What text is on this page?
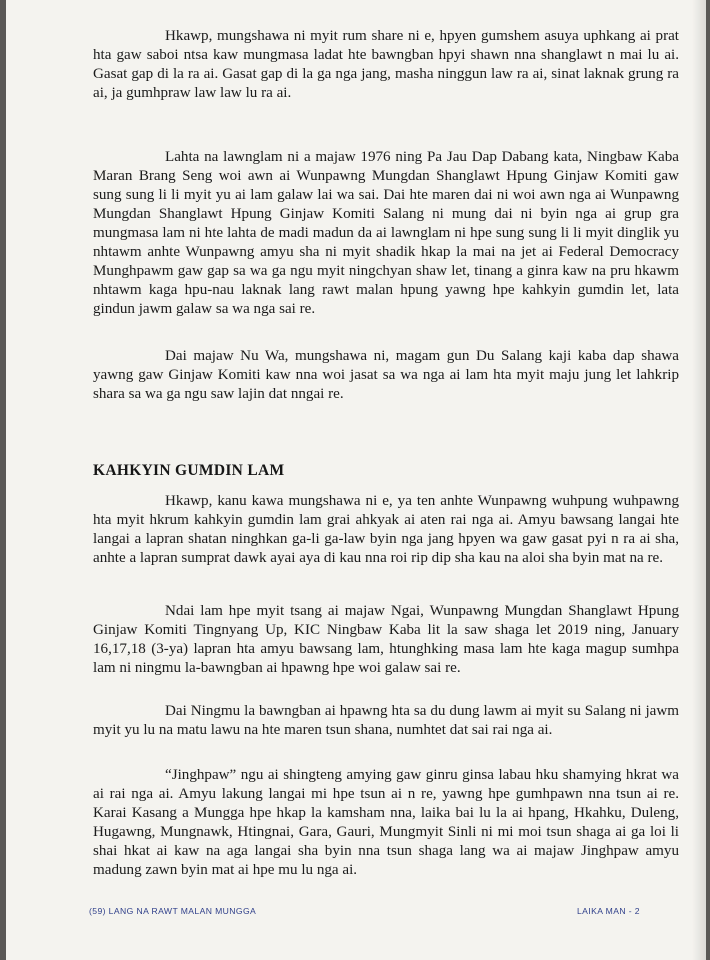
Hkawp, mungshawa ni myit rum share ni e, hpyen gumshem asuya uphkang ai prat hta gaw saboi ntsa kaw mungmasa ladat hte bawngban hpyi shawn nna shanglawt n mai lu ai. Gasat gap di la ra ai. Gasat gap di la ga nga jang, masha ninggun law ra ai, sinat laknak grung ra ai, ja gumhpraw law law lu ra ai.

Lahta na lawnglam ni a majaw 1976 ning Pa Jau Dap Dabang kata, Ningbaw Kaba Maran Brang Seng woi awn ai Wunpawng Mungdan Shanglawt Hpung Ginjaw Komiti gaw sung sung li li myit yu ai lam galaw lai wa sai. Dai hte maren dai ni woi awn nga ai Wunpawng Mungdan Shanglawt Hpung Ginjaw Komiti Salang ni mung dai ni byin nga ai grup gra mungmasa lam ni hte lahta de madi madun da ai lawnglam ni hpe sung sung li li myit dinglik yu nhtawm anhte Wunpawng amyu sha ni myit shadik hkap la mai na jet ai Federal Democracy Munghpawm gaw gap sa wa ga ngu myit ningchyan shaw let, tinang a ginra kaw na pru hkawm nhtawm kaga hpu-nau laknak lang rawt malan hpung yawng hpe kahkyin gumdin let, lata gindun jawm galaw sa wa nga sai re.

Dai majaw Nu Wa, mungshawa ni, magam gun Du Salang kaji kaba dap shawa yawng gaw Ginjaw Komiti kaw nna woi jasat sa wa nga ai lam hta myit maju jung let lahkrip shara sa wa ga ngu saw lajin dat nngai re.

KAHKYIN GUMDIN LAM

Hkawp, kanu kawa mungshawa ni e, ya ten anhte Wunpawng wuhpung wuhpawng hta myit hkrum kahkyin gumdin lam grai ahkyak ai aten rai nga ai. Amyu bawsang langai hte langai a lapran shatan ninghkan ga-li ga-law byin nga jang hpyen wa gaw gasat pyi n ra ai sha, anhte a lapran sumprat dawk ayai aya di kau nna roi rip dip sha kau na aloi sha byin mat na re.

Ndai lam hpe myit tsang ai majaw Ngai, Wunpawng Mungdan Shanglawt Hpung Ginjaw Komiti Tingnyang Up, KIC Ningbaw Kaba lit la saw shaga let 2019 ning, January 16,17,18 (3-ya) lapran hta amyu bawsang lam, htunghking masa lam hte kaga magup sumhpa lam ni ningmu la-bawngban ai hpawng hpe woi galaw sai re.

Dai Ningmu la bawngban ai hpawng hta sa du dung lawm ai myit su Salang ni jawm myit yu lu na matu lawu na hte maren tsun shana, numhtet dat sai rai nga ai.

“Jinghpaw” ngu ai shingteng amying gaw ginru ginsa labau hku shamying hkrat wa ai rai nga ai. Amyu lakung langai mi hpe tsun ai n re, yawng hpe gumhpawn nna tsun ai re. Karai Kasang a Mungga hpe hkap la kamsham nna, laika bai lu la ai hpang, Hkahku, Duleng, Hugawng, Mungnawk, Htingnai, Gara, Gauri, Mungmyit Sinli ni mi moi tsun shaga ai ga loi li shai hkat ai kaw na aga langai sha byin nna tsun shaga lang wa ai majaw Jinghpaw amyu madung zawn byin mat ai hpe mu lu nga ai.

(59) LANG NA RAWT MALAN MUNGGA	LAIKA MAN - 2
